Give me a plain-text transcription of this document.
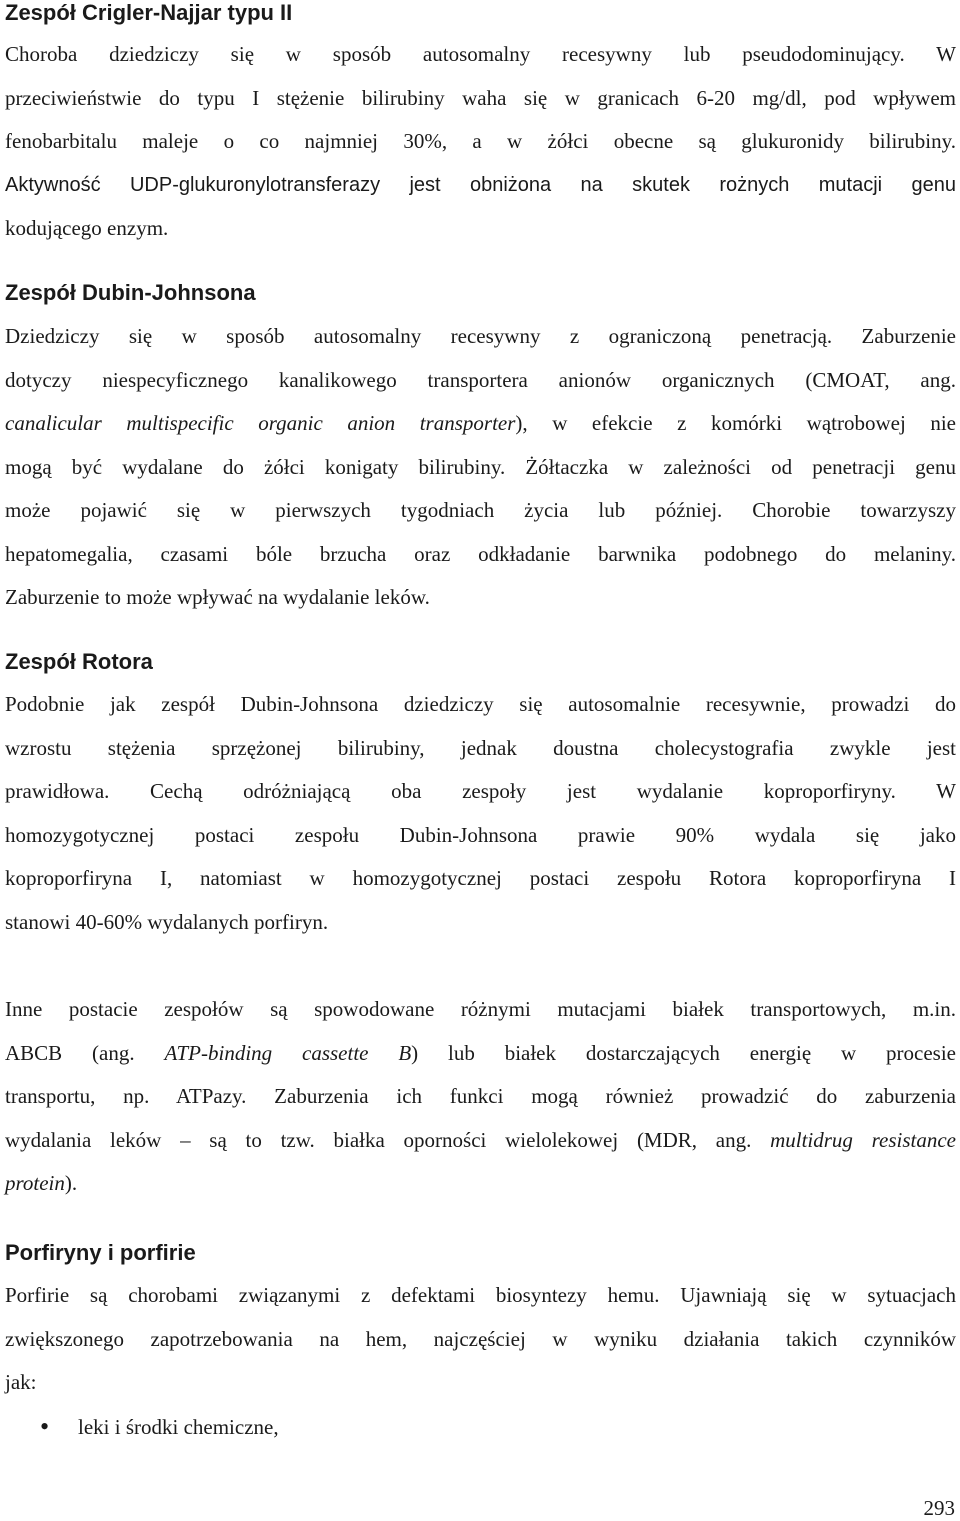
Zespół Crigler-Najjar typu II
Choroba dziedziczy się w sposób autosomalny recesywny lub pseudodominujący. W
przeciwieństwie do typu I stężenie bilirubiny waha się w granicach 6-20 mg/dl, pod wpływem
fenobarbitalu maleje o co najmniej 30%, a w żółci obecne są glukuronidy bilirubiny.
Aktywność UDP-glukuronylotransferazy jest obniżona na skutek rożnych mutacji genu
kodującego enzym.
Zespół Dubin-Johnsona
Dziedziczy się w sposób autosomalny recesywny z ograniczoną penetracją. Zaburzenie
dotyczy niespecyficznego kanalikowego transportera anionów organicznych (CMOAT, ang.
canalicular multispecific organic anion transporter), w efekcie z komórki wątrobowej nie
mogą być wydalane do żółci konigaty bilirubiny. Żółtaczka w zależności od penetracji genu
może pojawić się w pierwszych tygodniach życia lub później. Chorobie towarzyszy
hepatomegalia, czasami bóle brzucha oraz odkładanie barwnika podobnego do melaniny.
Zaburzenie to może wpływać na wydalanie leków.
Zespół Rotora
Podobnie jak zespół Dubin-Johnsona dziedziczy się autosomalnie recesywnie, prowadzi do
wzrostu stężenia sprzężonej bilirubiny, jednak doustna cholecystografia zwykle jest
prawidłowa. Cechą odróżniającą oba zespoły jest wydalanie koproporfiryny. W
homozygotycznej postaci zespołu Dubin-Johnsona prawie 90% wydala się jako
koproporfiryna I, natomiast w homozygotycznej postaci zespołu Rotora koproporfiryna I
stanowi 40-60% wydalanych porfiryn.
Inne postacie zespołów są spowodowane różnymi mutacjami białek transportowych, m.in.
ABCB (ang. ATP-binding cassette B) lub białek dostarczających energię w procesie
transportu, np. ATPazy. Zaburzenia ich funkci mogą również prowadzić do zaburzenia
wydalania leków – są to tzw. białka oporności wielolekowej (MDR, ang. multidrug resistance
protein).
Porfiryny i porfirie
Porfirie są chorobami związanymi z defektami biosyntezy hemu. Ujawniają się w sytuacjach
zwiększonego zapotrzebowania na hem, najczęściej w wyniku działania takich czynników
jak:
• leki i środki chemiczne,
293
